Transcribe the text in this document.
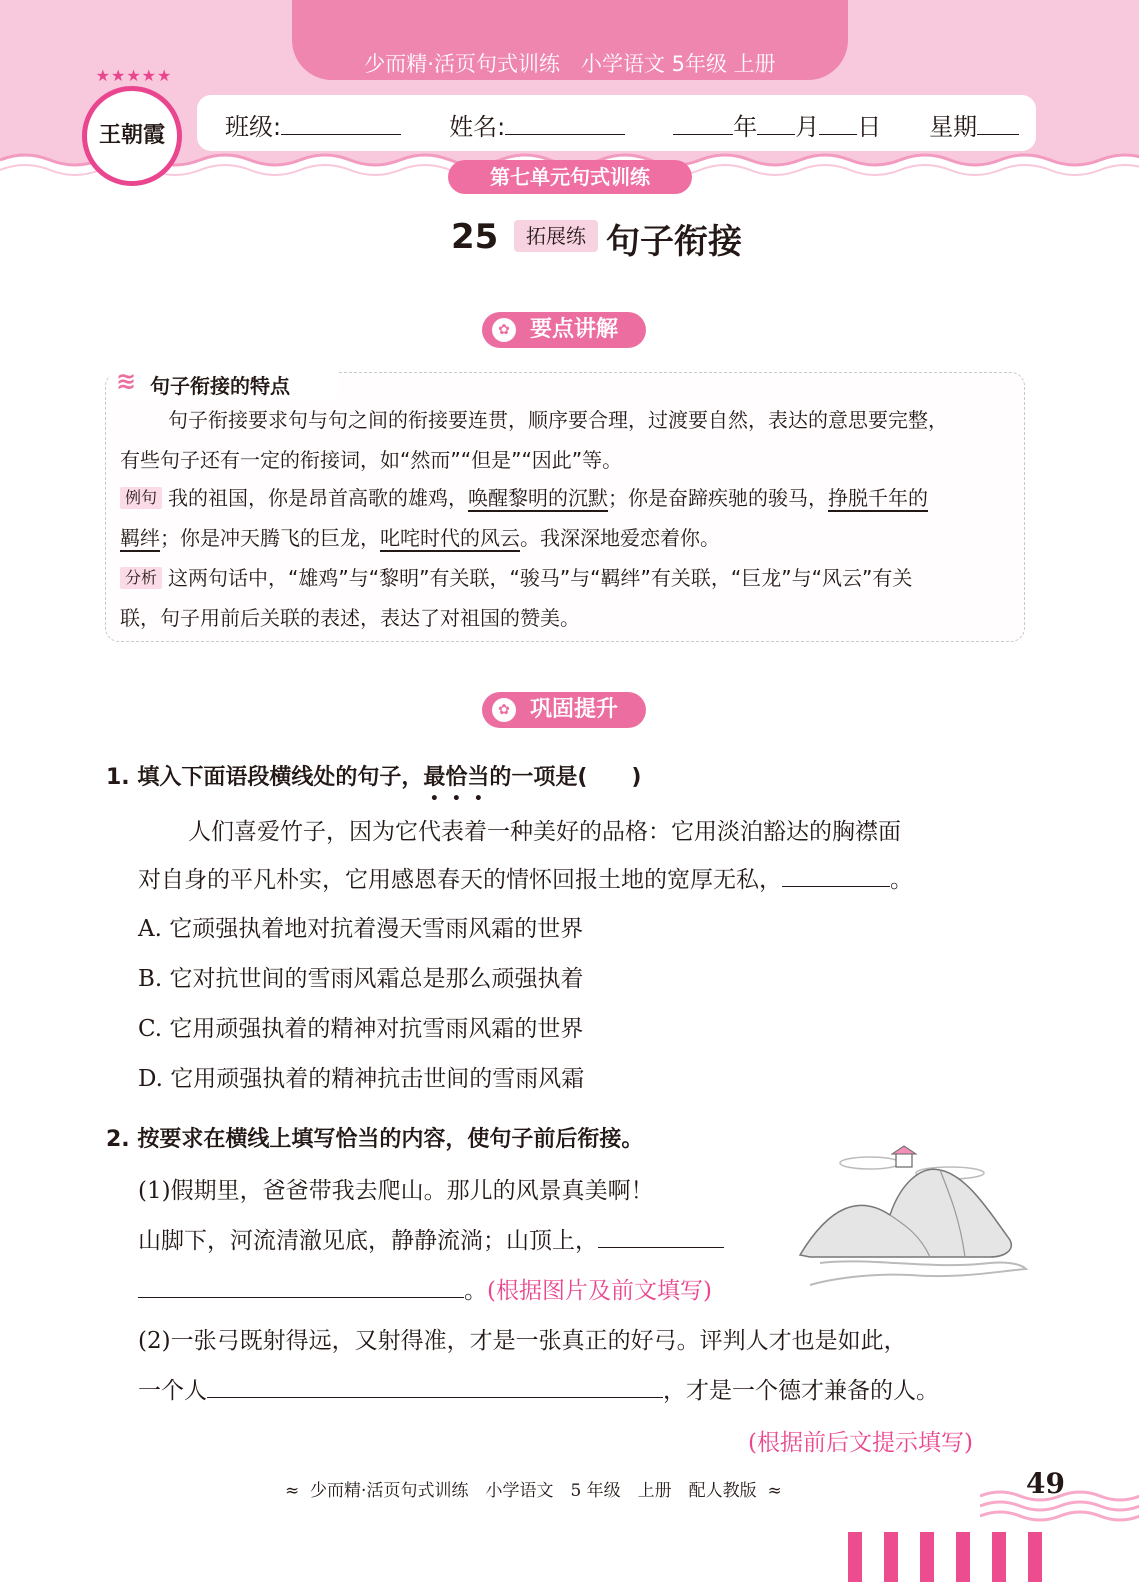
少而精·活页句式训练　小学语文 5年级 上册
★★★★★
王朝霞	班级:　　	姓名:　　	年 月 日　　 星期
第七单元句式训练
25	拓展练 句子衔接
✿ 要点讲解
≋ 句子衔接的特点
句子衔接要求句与句之间的衔接要连贯，顺序要合理，过渡要自然，表达的意思要完整，
有些句子还有一定的衔接词，如“然而”“但是”“因此”等。
例句 我的祖国，你是昂首高歌的雄鸡，唤醒黎明的沉默；你是奋蹄疾驰的骏马，挣脱千年的
羁绊；你是冲天腾飞的巨龙，叱咤时代的风云。我深深地爱恋着你。
分析 这两句话中，“雄鸡”与“黎明”有关联，“骏马”与“羁绊”有关联，“巨龙”与“风云”有关
联，句子用前后关联的表述，表达了对祖国的赞美。
✿ 巩固提升
1. 填入下面语段横线处的句子，最恰当的一项是(　　)
人们喜爱竹子，因为它代表着一种美好的品格：它用淡泊豁达的胸襟面
对自身的平凡朴实，它用感恩春天的情怀回报土地的宽厚无私，	。
A. 它顽强执着地对抗着漫天雪雨风霜的世界
B. 它对抗世间的雪雨风霜总是那么顽强执着
C. 它用顽强执着的精神对抗雪雨风霜的世界
D. 它用顽强执着的精神抗击世间的雪雨风霜
2. 按要求在横线上填写恰当的内容，使句子前后衔接。
(1)假期里，爸爸带我去爬山。那儿的风景真美啊！
山脚下，河流清澈见底，静静流淌；山顶上，
。(根据图片及前文填写)
(2)一张弓既射得远，又射得准，才是一张真正的好弓。评判人才也是如此，
一个人	，才是一个德才兼备的人。
(根据前后文提示填写)
≈  少而精·活页句式训练　小学语文　5 年级　上册　配人教版  ≈	49
